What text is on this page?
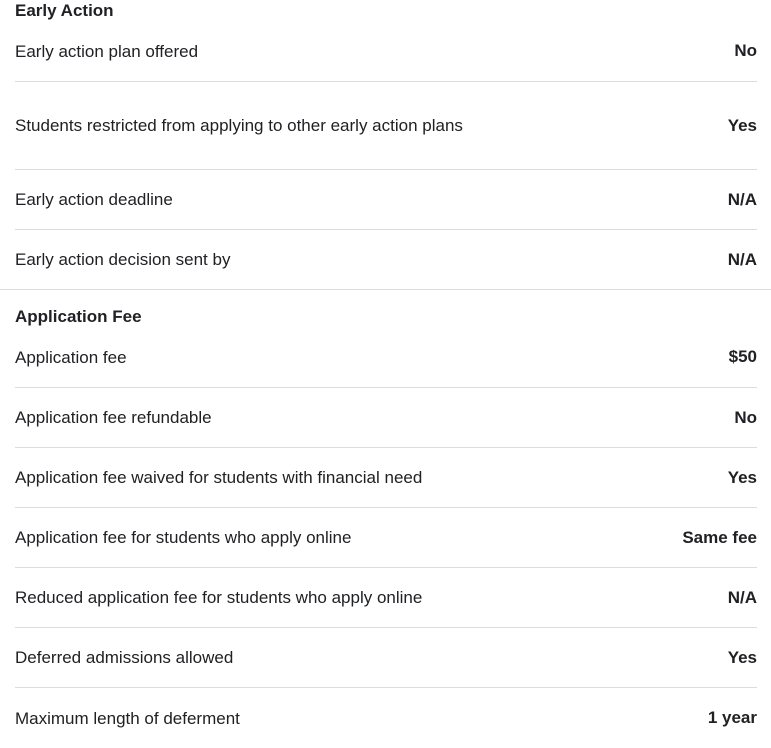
Early Action
Early action plan offered	No
Students restricted from applying to other early action plans	Yes
Early action deadline	N/A
Early action decision sent by	N/A
Application Fee
Application fee	$50
Application fee refundable	No
Application fee waived for students with financial need	Yes
Application fee for students who apply online	Same fee
Reduced application fee for students who apply online	N/A
Deferred admissions allowed	Yes
Maximum length of deferment	1 year
